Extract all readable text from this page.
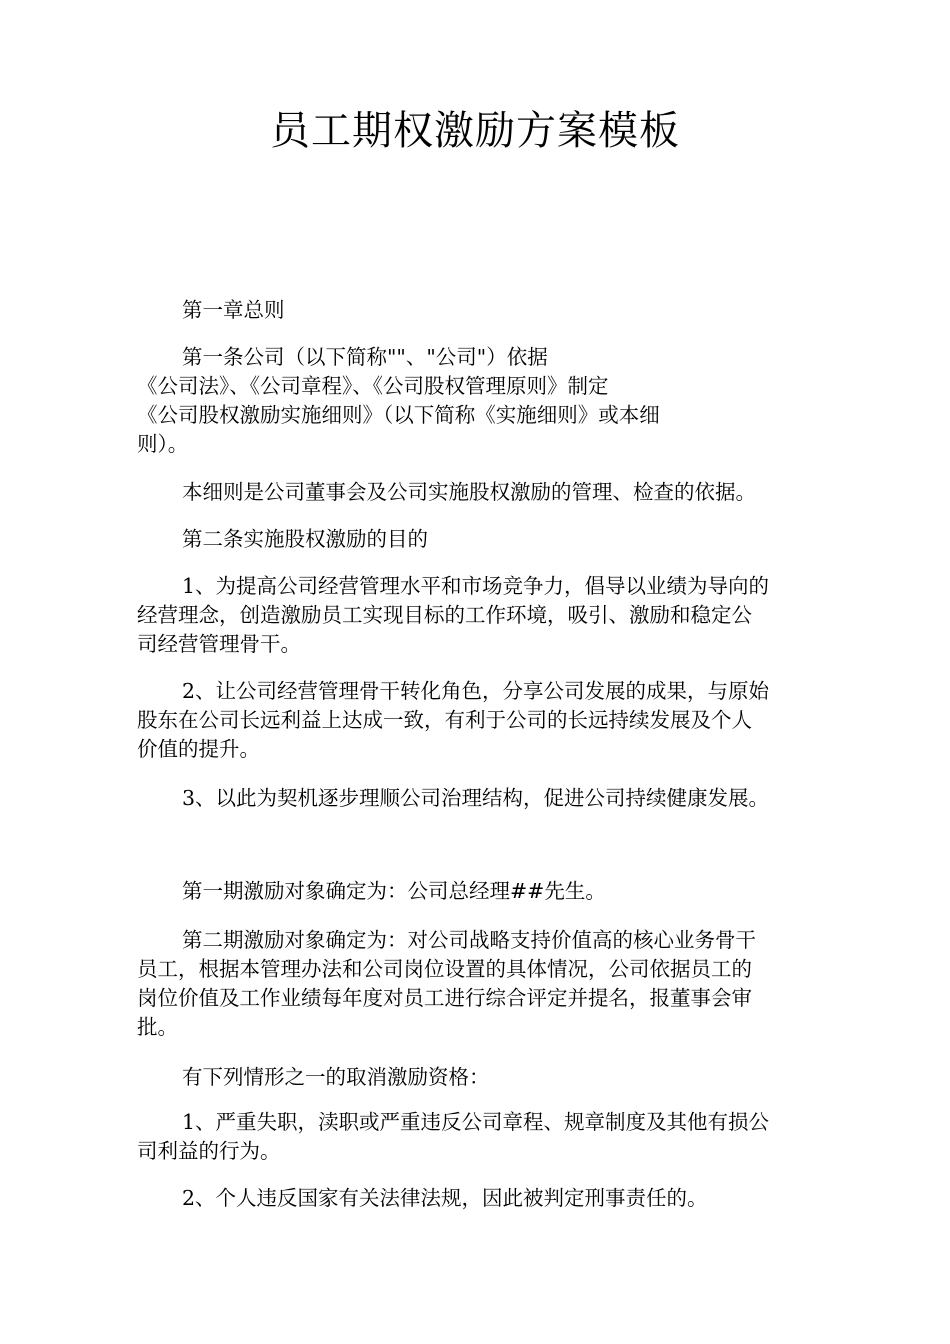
员工期权激励方案模板
第一章总则
第一条公司（以下简称""、"公司"）依据
《公司法》、《公司章程》、《公司股权管理原则》制定
《公司股权激励实施细则》（以下简称《实施细则》或本细
则）。
本细则是公司董事会及公司实施股权激励的管理、检查的依据。
第二条实施股权激励的目的
1、为提高公司经营管理水平和市场竞争力，倡导以业绩为导向的
经营理念，创造激励员工实现目标的工作环境，吸引、激励和稳定公
司经营管理骨干。
2、让公司经营管理骨干转化角色，分享公司发展的成果，与原始
股东在公司长远利益上达成一致，有利于公司的长远持续发展及个人
价值的提升。
3、以此为契机逐步理顺公司治理结构，促进公司持续健康发展。
第一期激励对象确定为：公司总经理##先生。
第二期激励对象确定为：对公司战略支持价值高的核心业务骨干
员工，根据本管理办法和公司岗位设置的具体情况，公司依据员工的
岗位价值及工作业绩每年度对员工进行综合评定并提名，报董事会审
批。
有下列情形之一的取消激励资格：
1、严重失职，渎职或严重违反公司章程、规章制度及其他有损公
司利益的行为。
2、个人违反国家有关法律法规，因此被判定刑事责任的。
